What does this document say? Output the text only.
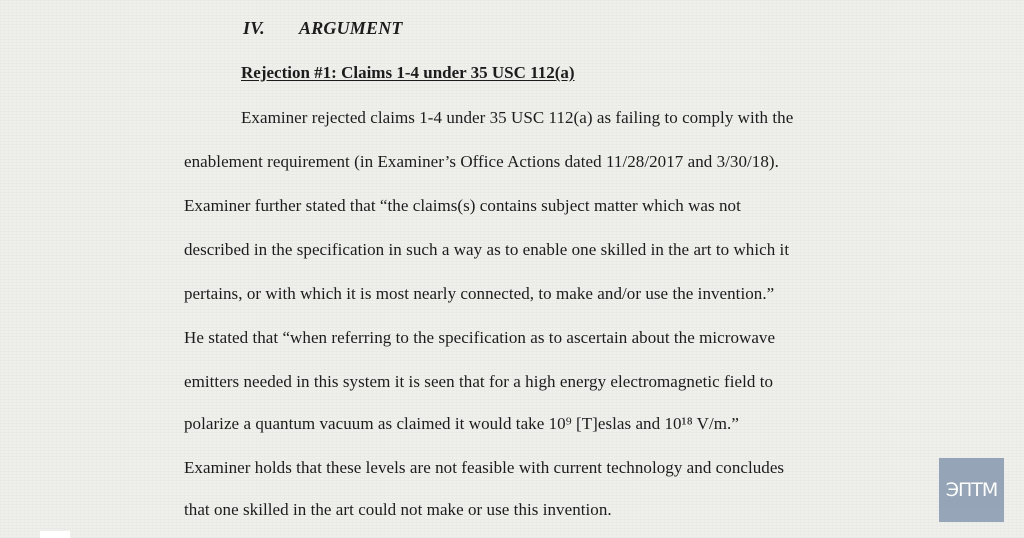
IV. ARGUMENT
Rejection #1: Claims 1-4 under 35 USC 112(a)
Examiner rejected claims 1-4 under 35 USC 112(a) as failing to comply with the
enablement requirement (in Examiner’s Office Actions dated 11/28/2017 and 3/30/18).
Examiner further stated that “the claims(s) contains subject matter which was not
described in the specification in such a way as to enable one skilled in the art to which it
pertains, or with which it is most nearly connected, to make and/or use the invention.”
He stated that “when referring to the specification as to ascertain about the microwave
emitters needed in this system it is seen that for a high energy electromagnetic field to
polarize a quantum vacuum as claimed it would take 10⁹ [T]eslas and 10¹⁸ V/m.”
Examiner holds that these levels are not feasible with current technology and concludes
that one skilled in the art could not make or use this invention.
ЭПТМ
